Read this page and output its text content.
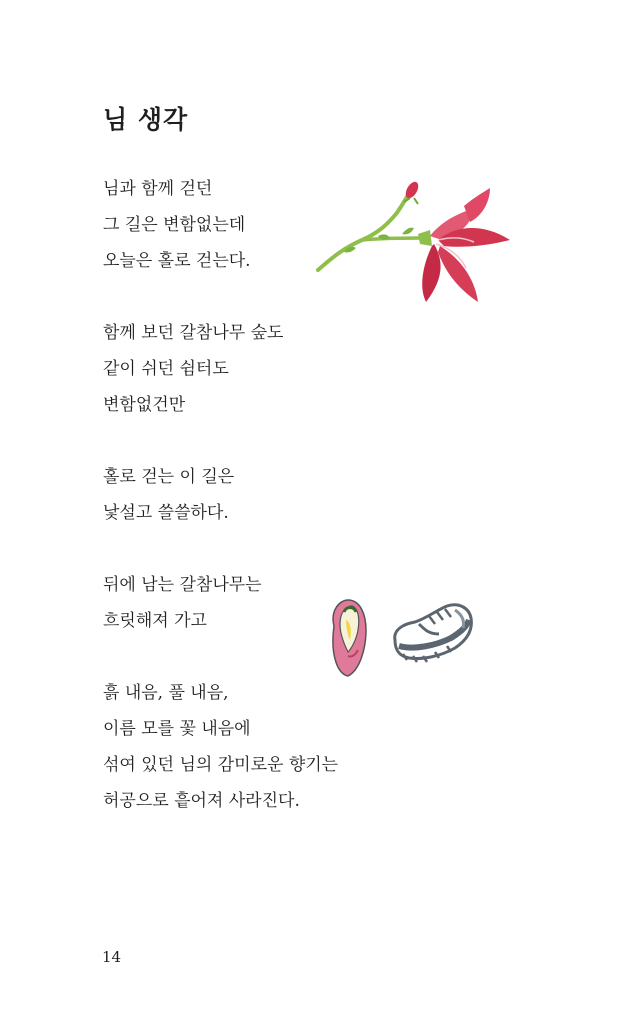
님 생각
님과 함께 걷던
그 길은 변함없는데
오늘은 홀로 걷는다.
함께 보던 갈참나무 숲도
같이 쉬던 쉼터도
변함없건만
홀로 걷는 이 길은
낯설고 쓸쓸하다.
뒤에 남는 갈참나무는
흐릿해져 가고
흙 내음, 풀 내음,
이름 모를 꽃 내음에
섞여 있던 님의 감미로운 향기는
허공으로 흩어져 사라진다.
14
